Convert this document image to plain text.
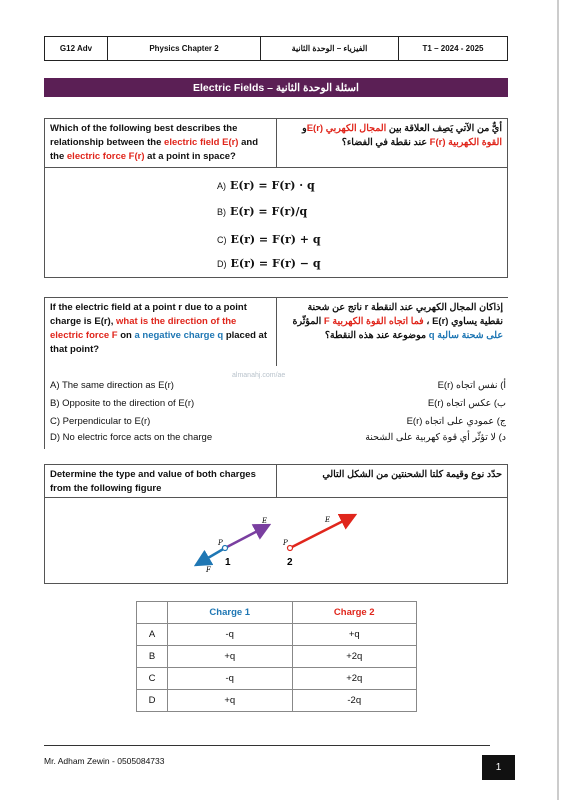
G12 Adv	Physics Chapter 2	الفيزياء – الوحدة الثانية	T1 – 2024 - 2025
Electric Fields – اسئلة الوحدة الثانية
Which of the following best describes the relationship between the electric field E(r) and the electric force F(r) at a point in space?
أيٌّ من الآتي يَصِف العلاقة بين المجال الكهربي E(r)و القوة الكهربية F(r) عند نقطة في الفضاء؟
A) E(r) = F(r) · q
B) E(r) = F(r)/q
C) E(r) = F(r) + q
D) E(r) = F(r) − q
If the electric field at a point r due to a point charge is E(r), what is the direction of the electric force F on a negative charge q placed at that point?
إذاكان المجال الكهربي عند النقطة r ناتج عن شحنة نقطية يساوي E(r) ، فما اتجاه القوة الكهربية F المؤثّرة على شحنة سالبة q موضوعة عند هذه النقطة؟
A) The same direction as E(r)
B) Opposite to the direction of E(r)
C) Perpendicular to E(r)
D) No electric force acts on the charge
أ) نفس اتجاه E(r)
ب) عكس اتجاه E(r)
ج) عمودي على اتجاه E(r)
د) لا تؤثّر أي قوة كهربية على الشحنة
almanahj.com/ae
Determine the type and value of both charges from the following figure
حدّد نوع وقيمة كلتا الشحنتين من الشكل التالي
P
E
F
1
P
E
2
	Charge 1	Charge 2
A	-q	+q
B	+q	+2q
C	-q	+2q
D	+q	-2q
Mr. Adham Zewin - 0505084733
1
